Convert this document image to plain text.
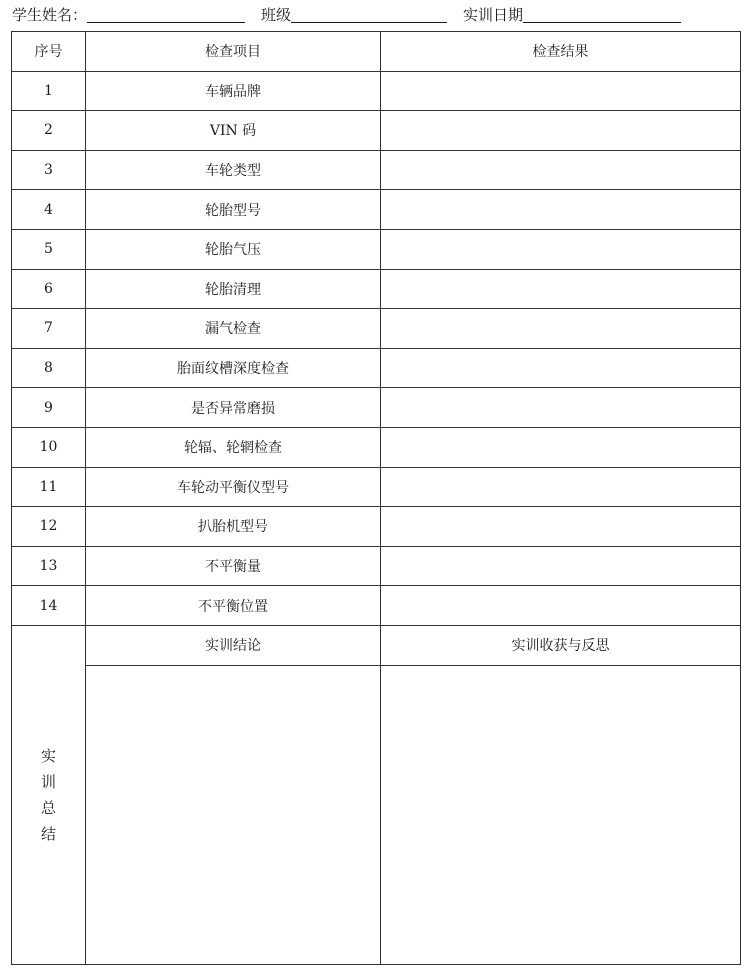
学生姓名：	班级	实训日期
序号	检查项目	检查结果
1	车辆品牌	
2	VIN 码	
3	车轮类型	
4	轮胎型号	
5	轮胎气压	
6	轮胎清理	
7	漏气检查	
8	胎面纹槽深度检查	
9	是否异常磨损	
10	轮辐、轮辋检查	
11	车轮动平衡仪型号	
12	扒胎机型号	
13	不平衡量	
14	不平衡位置	

实训总结	实训结论	实训收获与反思
